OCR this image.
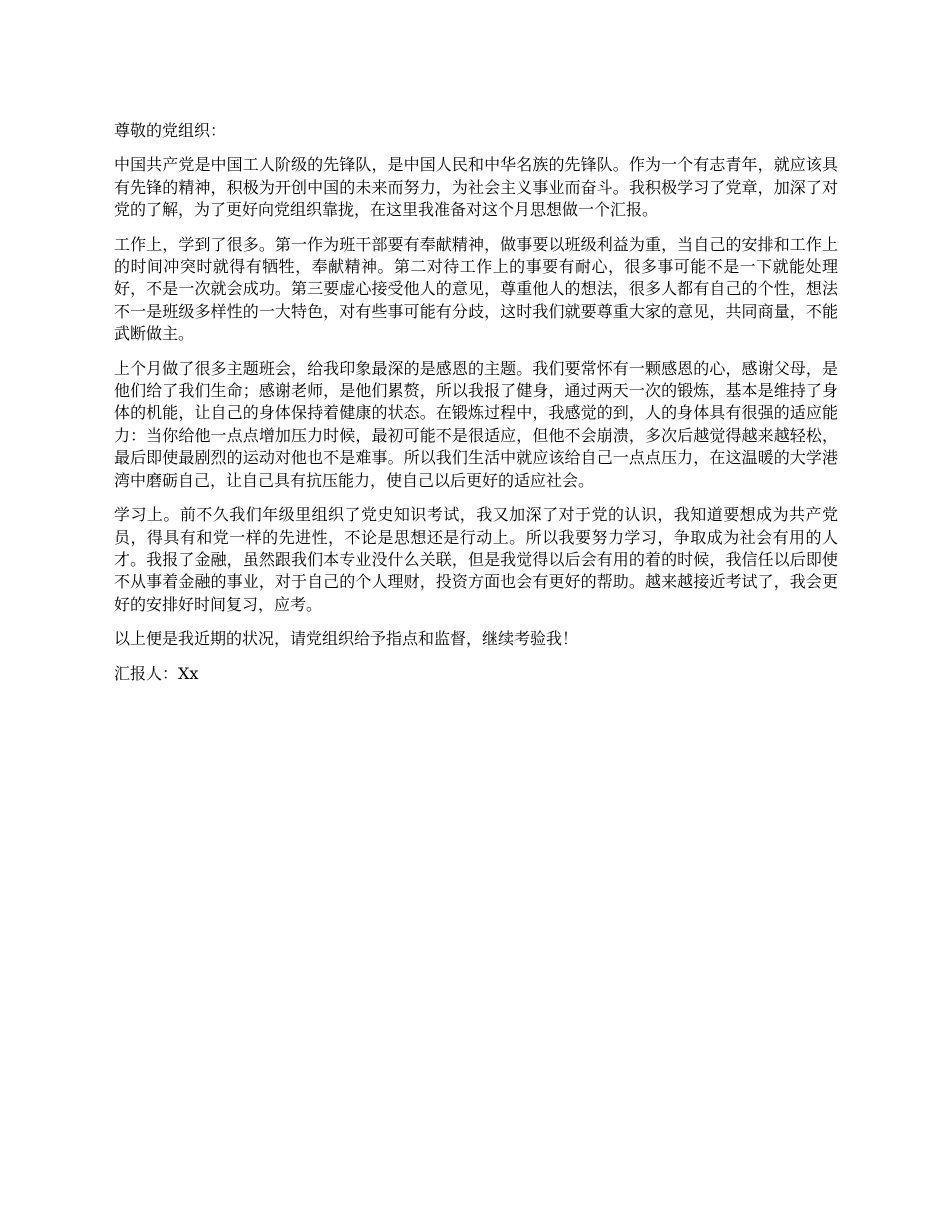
尊敬的党组织：

中国共产党是中国工人阶级的先锋队，是中国人民和中华名族的先锋队。作为一个有志青年，就应该具有先锋的精神，积极为开创中国的未来而努力，为社会主义事业而奋斗。我积极学习了党章，加深了对党的了解，为了更好向党组织靠拢，在这里我准备对这个月思想做一个汇报。

工作上，学到了很多。第一作为班干部要有奉献精神，做事要以班级利益为重，当自己的安排和工作上的时间冲突时就得有牺牲，奉献精神。第二对待工作上的事要有耐心，很多事可能不是一下就能处理好，不是一次就会成功。第三要虚心接受他人的意见，尊重他人的想法，很多人都有自己的个性，想法不一是班级多样性的一大特色，对有些事可能有分歧，这时我们就要尊重大家的意见，共同商量，不能武断做主。

上个月做了很多主题班会，给我印象最深的是感恩的主题。我们要常怀有一颗感恩的心，感谢父母，是他们给了我们生命；感谢老师，是他们累赘，所以我报了健身，通过两天一次的锻炼，基本是维持了身体的机能，让自己的身体保持着健康的状态。在锻炼过程中，我感觉的到，人的身体具有很强的适应能力：当你给他一点点增加压力时候，最初可能不是很适应，但他不会崩溃，多次后越觉得越来越轻松，最后即使最剧烈的运动对他也不是难事。所以我们生活中就应该给自己一点点压力，在这温暖的大学港湾中磨砺自己，让自己具有抗压能力，使自己以后更好的适应社会。

学习上。前不久我们年级里组织了党史知识考试，我又加深了对于党的认识，我知道要想成为共产党员，得具有和党一样的先进性，不论是思想还是行动上。所以我要努力学习，争取成为社会有用的人才。我报了金融，虽然跟我们本专业没什么关联，但是我觉得以后会有用的着的时候，我信任以后即使不从事着金融的事业，对于自己的个人理财，投资方面也会有更好的帮助。越来越接近考试了，我会更好的安排好时间复习，应考。

以上便是我近期的状况，请党组织给予指点和监督，继续考验我！

汇报人：Xx
